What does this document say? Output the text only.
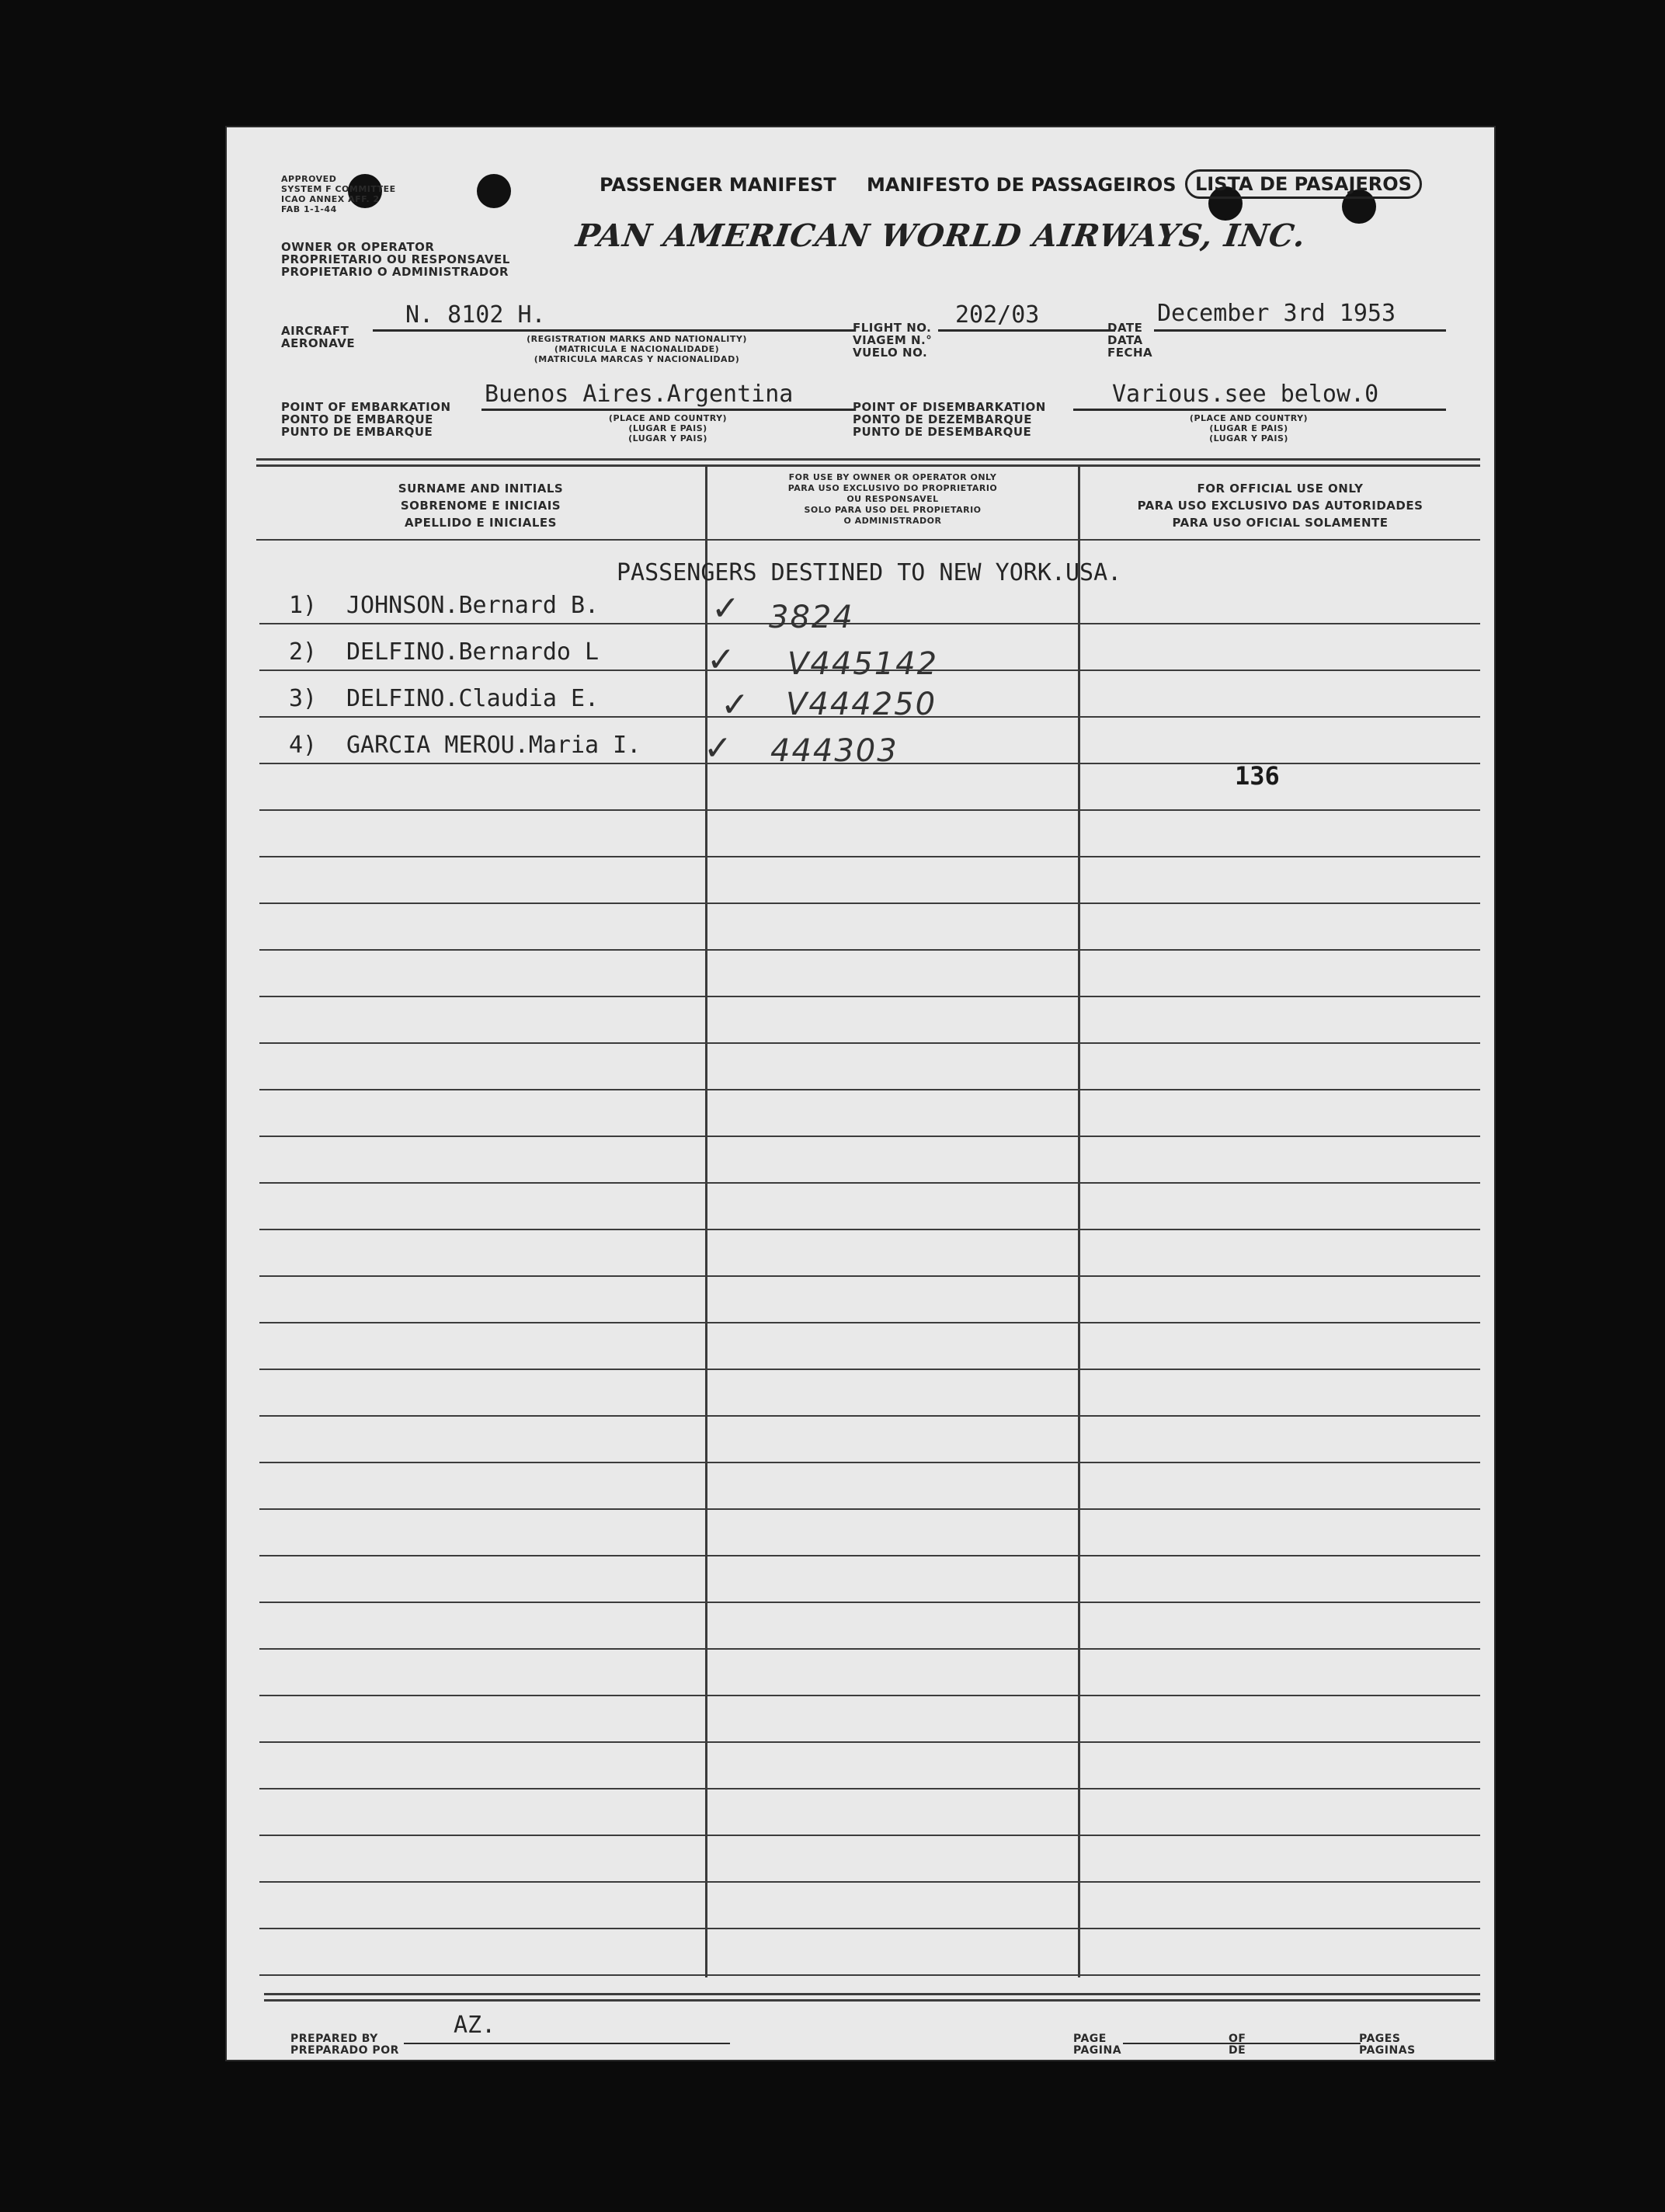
APPROVED
SYSTEM F COMMITTEE
ICAO ANNEX AFF. 2
FAB 1-1-44
OWNER OR OPERATOR
PROPRIETARIO OU RESPONSAVEL
PROPIETARIO O ADMINISTRADOR
PASSENGER MANIFEST MANIFESTO DE PASSAGEIROS	LISTA DE PASAJEROS
PAN AMERICAN WORLD AIRWAYS, INC.
AIRCRAFT
AERONAVE
N. 8102 H.
(REGISTRATION MARKS AND NATIONALITY)
(MATRICULA E NACIONALIDADE)
(MATRICULA MARCAS Y NACIONALIDAD)
FLIGHT NO.
VIAGEM N.°
VUELO NO.
202/03	DATE
DATA
FECHA
December 3rd 1953
POINT OF EMBARKATION
PONTO DE EMBARQUE
PUNTO DE EMBARQUE
Buenos Aires.Argentina
(PLACE AND COUNTRY)
(LUGAR E PAIS)
(LUGAR Y PAIS)
POINT OF DISEMBARKATION
PONTO DE DEZEMBARQUE
PUNTO DE DESEMBARQUE
Various.see below.0
(PLACE AND COUNTRY)
(LUGAR E PAIS)
(LUGAR Y PAIS)
SURNAME AND INITIALS
SOBRENOME E INICIAIS
APELLIDO E INICIALES
FOR USE BY OWNER OR OPERATOR ONLY
PARA USO EXCLUSIVO DO PROPRIETARIO
OU RESPONSAVEL
SOLO PARA USO DEL PROPIETARIO
O ADMINISTRADOR
FOR OFFICIAL USE ONLY
PARA USO EXCLUSIVO DAS AUTORIDADES
PARA USO OFICIAL SOLAMENTE
PASSENGERS DESTINED TO NEW YORK.USA.
1) JOHNSON.Bernard B.	✓ 3824
2) DELFINO.Bernardo L	✓ V445142
3) DELFINO.Claudia E.	✓ V444250
4) GARCIA MEROU.Maria I. ✓ 444303
136
PREPARED BY
PREPARADO POR
AZ.	PAGE
PAGINA
OF
DE
PAGES
PAGINAS
